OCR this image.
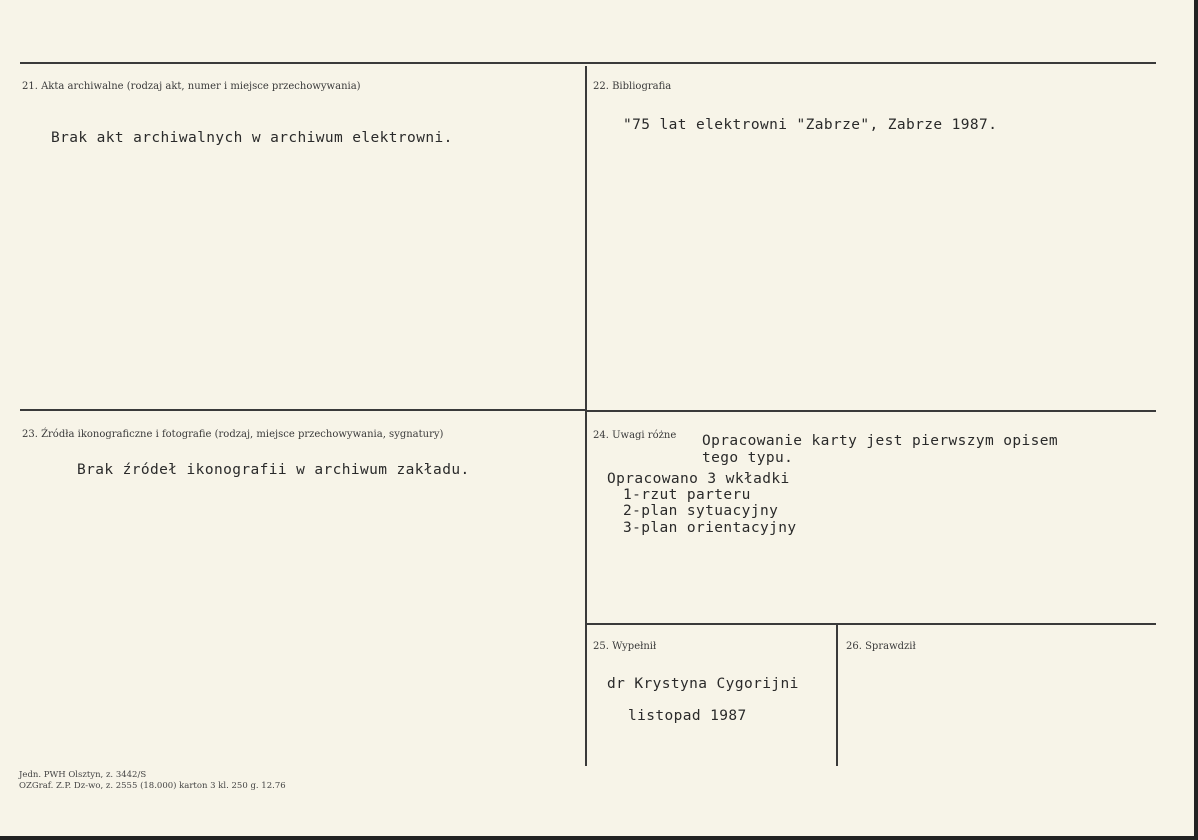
21. Akta archiwalne (rodzaj akt, numer i miejsce przechowywania)
Brak akt archiwalnych w archiwum elektrowni.
22. Bibliografia
"75 lat elektrowni "Zabrze", Zabrze 1987.
23. Źródła ikonograficzne i fotografie (rodzaj, miejsce przechowywania, sygnatury)
Brak źródeł ikonografii w archiwum zakładu.
24. Uwagi różne Opracowanie karty jest pierwszym opisem
tego typu.
Opracowano 3 wkładki
1-rzut parteru
2-plan sytuacyjny
3-plan orientacyjny
25. Wypełnił
dr Krystyna Cygorijni
listopad 1987
26. Sprawdził
Jedn. PWH Olsztyn, z. 3442/S
OZGraf. Z.P. Dz-wo, z. 2555 (18.000) karton 3 kl. 250 g. 12.76
